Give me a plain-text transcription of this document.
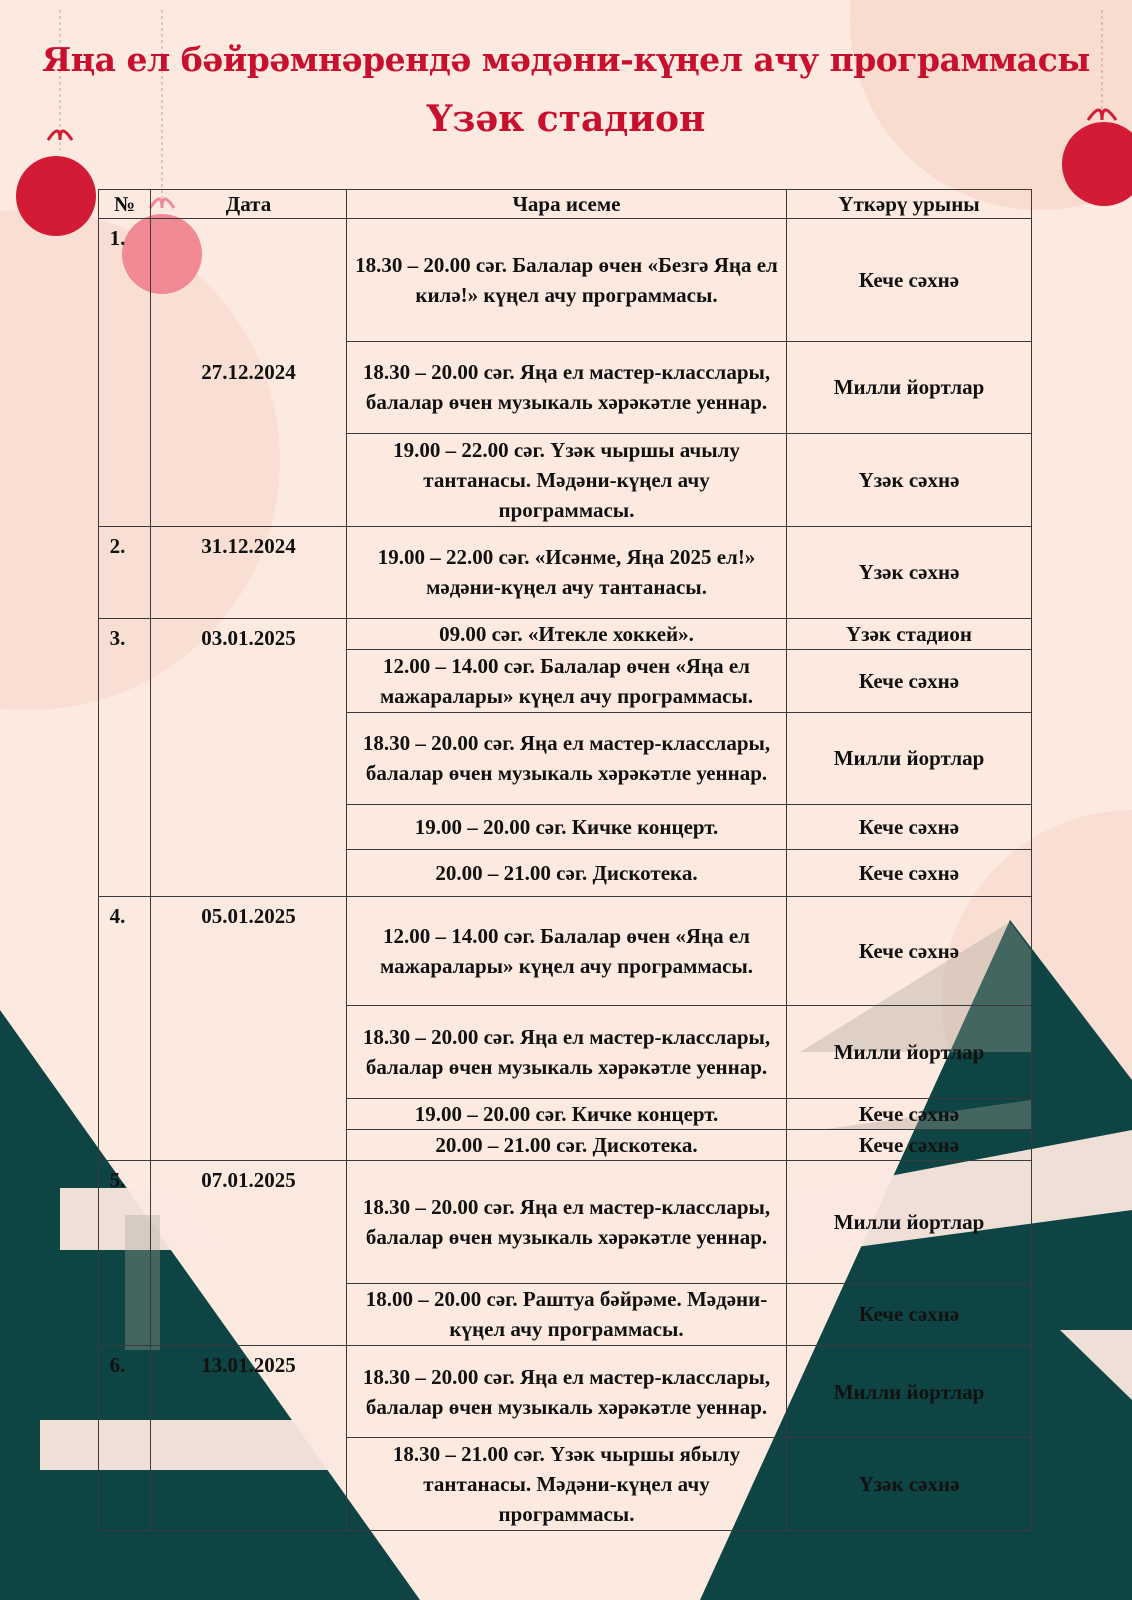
Яңа ел бәйрәмнәрендә мәдәни-күңел ачу программасы
Үзәк стадион
№	Дата	Чара исеме	Үткәрү урыны
1.	27.12.2024	18.30 – 20.00 сәг. Балалар өчен «Безгә Яңа ел килә!» күңел ачу программасы.	Кече сәхнә
		18.30 – 20.00 сәг. Яңа ел мастер-класслары, балалар өчен музыкаль хәрәкәтле уеннар.	Милли йортлар
		19.00 – 22.00 сәг. Үзәк чыршы ачылу тантанасы. Мәдәни-күңел ачу программасы.	Үзәк сәхнә
2.	31.12.2024	19.00 – 22.00 сәг. «Исәнме, Яңа 2025 ел!» мәдәни-күңел ачу тантанасы.	Үзәк сәхнә
3.	03.01.2025	09.00 сәг. «Итекле хоккей».	Үзәк стадион
		12.00 – 14.00 сәг. Балалар өчен «Яңа ел мажаралары» күңел ачу программасы.	Кече сәхнә
		18.30 – 20.00 сәг. Яңа ел мастер-класслары, балалар өчен музыкаль хәрәкәтле уеннар.	Милли йортлар
		19.00 – 20.00 сәг. Кичке концерт.	Кече сәхнә
		20.00 – 21.00 сәг. Дискотека.	Кече сәхнә
4.	05.01.2025	12.00 – 14.00 сәг. Балалар өчен «Яңа ел мажаралары» күңел ачу программасы.	Кече сәхнә
		18.30 – 20.00 сәг. Яңа ел мастер-класслары, балалар өчен музыкаль хәрәкәтле уеннар.	Милли йортлар
		19.00 – 20.00 сәг. Кичке концерт.	Кече сәхнә
		20.00 – 21.00 сәг. Дискотека.	Кече сәхнә
5.	07.01.2025	18.30 – 20.00 сәг. Яңа ел мастер-класслары, балалар өчен музыкаль хәрәкәтле уеннар.	Милли йортлар
		18.00 – 20.00 сәг. Раштуа бәйрәме. Мәдәни-күңел ачу программасы.	Кече сәхнә
6.	13.01.2025	18.30 – 20.00 сәг. Яңа ел мастер-класслары, балалар өчен музыкаль хәрәкәтле уеннар.	Милли йортлар
		18.30 – 21.00 сәг. Үзәк чыршы ябылу тантанасы. Мәдәни-күңел ачу программасы.	Үзәк сәхнә
